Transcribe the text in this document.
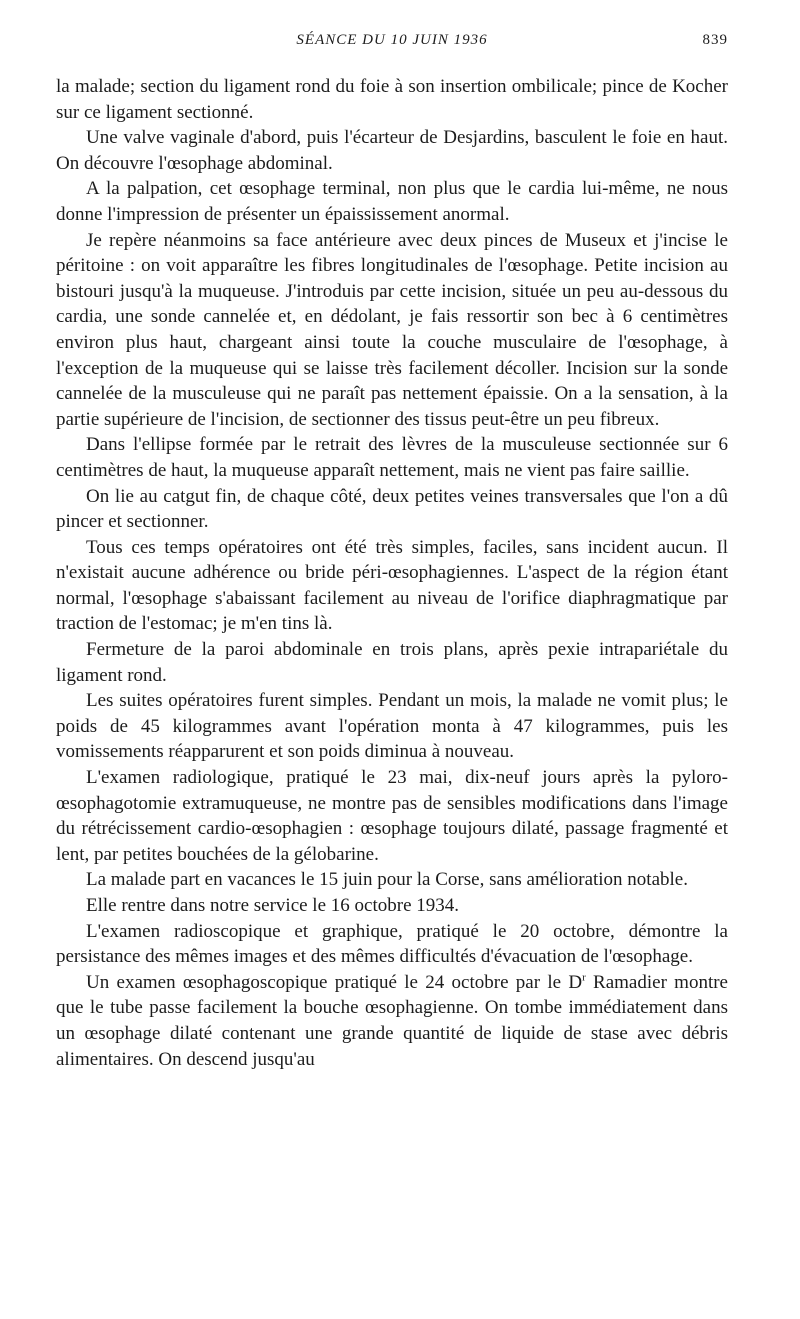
SÉANCE DU 10 JUIN 1936	839

la malade; section du ligament rond du foie à son insertion ombilicale; pince de Kocher sur ce ligament sectionné.

Une valve vaginale d'abord, puis l'écarteur de Desjardins, basculent le foie en haut. On découvre l'œsophage abdominal.

A la palpation, cet œsophage terminal, non plus que le cardia lui-même, ne nous donne l'impression de présenter un épaississement anormal.

Je repère néanmoins sa face antérieure avec deux pinces de Museux et j'incise le péritoine : on voit apparaître les fibres longitudinales de l'œsophage. Petite incision au bistouri jusqu'à la muqueuse. J'introduis par cette incision, située un peu au-dessous du cardia, une sonde cannelée et, en dédolant, je fais ressortir son bec à 6 centimètres environ plus haut, chargeant ainsi toute la couche musculaire de l'œsophage, à l'exception de la muqueuse qui se laisse très facilement décoller. Incision sur la sonde cannelée de la musculeuse qui ne paraît pas nettement épaissie. On a la sensation, à la partie supérieure de l'incision, de sectionner des tissus peut-être un peu fibreux.

Dans l'ellipse formée par le retrait des lèvres de la musculeuse sectionnée sur 6 centimètres de haut, la muqueuse apparaît nettement, mais ne vient pas faire saillie.

On lie au catgut fin, de chaque côté, deux petites veines transversales que l'on a dû pincer et sectionner.

Tous ces temps opératoires ont été très simples, faciles, sans incident aucun. Il n'existait aucune adhérence ou bride péri-œsophagiennes. L'aspect de la région étant normal, l'œsophage s'abaissant facilement au niveau de l'orifice diaphragmatique par traction de l'estomac; je m'en tins là.

Fermeture de la paroi abdominale en trois plans, après pexie intrapariétale du ligament rond.

Les suites opératoires furent simples. Pendant un mois, la malade ne vomit plus; le poids de 45 kilogrammes avant l'opération monta à 47 kilogrammes, puis les vomissements réapparurent et son poids diminua à nouveau.

L'examen radiologique, pratiqué le 23 mai, dix-neuf jours après la pyloro-œsophagotomie extramuqueuse, ne montre pas de sensibles modifications dans l'image du rétrécissement cardio-œsophagien : œsophage toujours dilaté, passage fragmenté et lent, par petites bouchées de la gélobarine.

La malade part en vacances le 15 juin pour la Corse, sans amélioration notable.

Elle rentre dans notre service le 16 octobre 1934.

L'examen radioscopique et graphique, pratiqué le 20 octobre, démontre la persistance des mêmes images et des mêmes difficultés d'évacuation de l'œsophage.

Un examen œsophagoscopique pratiqué le 24 octobre par le $D^r$ Ramadier montre que le tube passe facilement la bouche œsophagienne. On tombe immédiatement dans un œsophage dilaté contenant une grande quantité de liquide de stase avec débris alimentaires. On descend jusqu'au
